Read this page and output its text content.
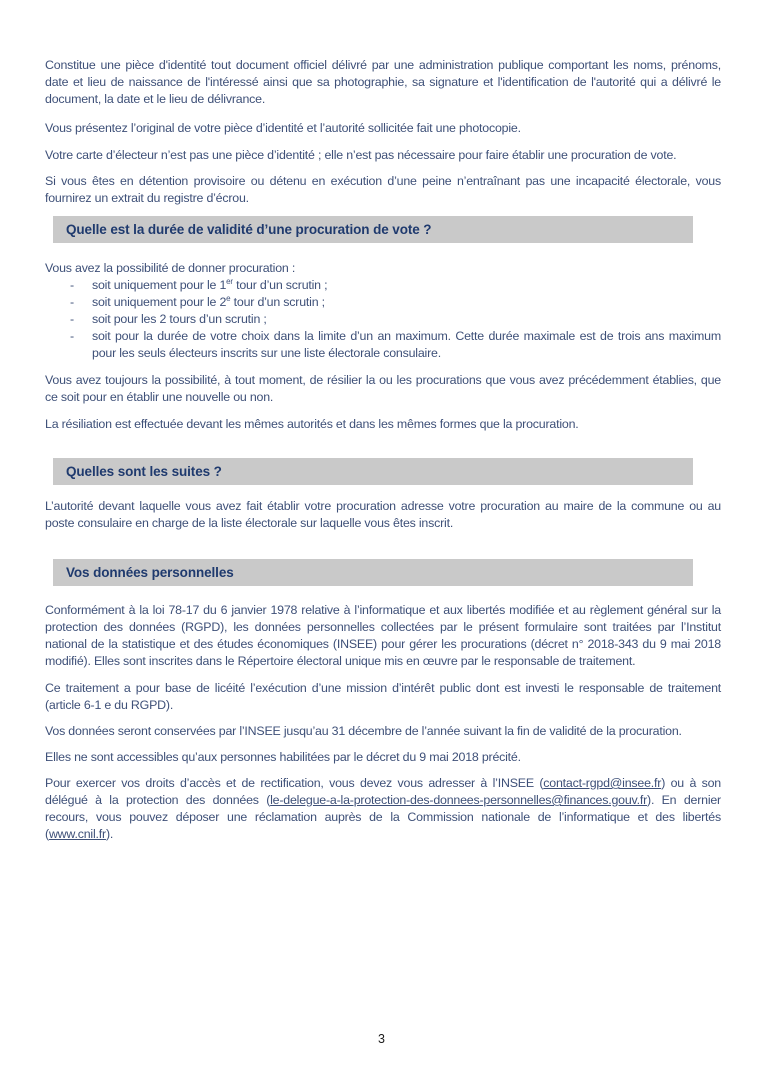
Constitue une pièce d'identité tout document officiel délivré par une administration publique comportant les noms, prénoms, date et lieu de naissance de l'intéressé ainsi que sa photographie, sa signature et l'identification de l'autorité qui a délivré le document, la date et le lieu de délivrance.

Vous présentez l’original de votre pièce d’identité et l’autorité sollicitée fait une photocopie.

Votre carte d’électeur n’est pas une pièce d’identité ; elle n’est pas nécessaire pour faire établir une procuration de vote.

Si vous êtes en détention provisoire ou détenu en exécution d’une peine n’entraînant pas une incapacité électorale, vous fournirez un extrait du registre d’écrou.

Quelle est la durée de validité d’une procuration de vote ?

Vous avez la possibilité de donner procuration :

-	soit uniquement pour le 1er tour d’un scrutin ;
-	soit uniquement pour le 2e tour d’un scrutin ;
-	soit pour les 2 tours d’un scrutin ;
-	soit pour la durée de votre choix dans la limite d’un an maximum. Cette durée maximale est de trois ans maximum pour les seuls électeurs inscrits sur une liste électorale consulaire.

Vous avez toujours la possibilité, à tout moment, de résilier la ou les procurations que vous avez précédemment établies, que ce soit pour en établir une nouvelle ou non.

La résiliation est effectuée devant les mêmes autorités et dans les mêmes formes que la procuration.

Quelles sont les suites ?

L’autorité devant laquelle vous avez fait établir votre procuration adresse votre procuration au maire de la commune ou au poste consulaire en charge de la liste électorale sur laquelle vous êtes inscrit.

Vos données personnelles

Conformément à la loi 78-17 du 6 janvier 1978 relative à l’informatique et aux libertés modifiée et au règlement général sur la protection des données (RGPD), les données personnelles collectées par le présent formulaire sont traitées par l’Institut national de la statistique et des études économiques (INSEE) pour gérer les procurations (décret n° 2018-343 du 9 mai 2018 modifié). Elles sont inscrites dans le Répertoire électoral unique mis en œuvre par le responsable de traitement.

Ce traitement a pour base de licéité l’exécution d’une mission d’intérêt public dont est investi le responsable de traitement (article 6-1 e du RGPD).

Vos données seront conservées par l’INSEE jusqu’au 31 décembre de l’année suivant la fin de validité de la procuration.

Elles ne sont accessibles qu’aux personnes habilitées par le décret du 9 mai 2018 précité.

Pour exercer vos droits d’accès et de rectification, vous devez vous adresser à l’INSEE (contact-rgpd@insee.fr) ou à son délégué à la protection des données (le-delegue-a-la-protection-des-donnees-personnelles@finances.gouv.fr). En dernier recours, vous pouvez déposer une réclamation auprès de la Commission nationale de l’informatique et des libertés (www.cnil.fr).

3
